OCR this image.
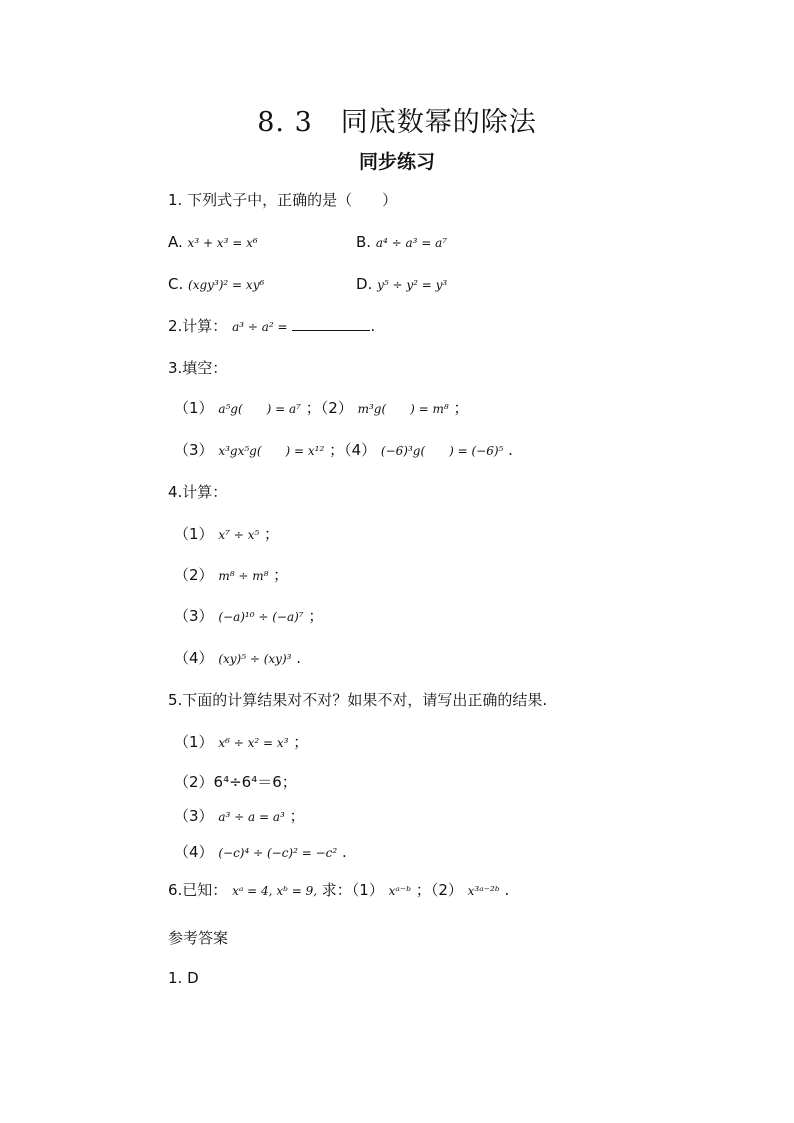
8. 3　同底数幂的除法
同步练习
1. 下列式子中，正确的是（　　）
A. x³ + x³ = x⁶	B. a⁴ ÷ a³ = a⁷
C. (xgy³)² = xy⁶	D. y⁵ ÷ y² = y³
2.计算： a³ ÷ a² =	.
3.填空：
（1） a⁵g(　　) = a⁷ ；（2） m³g(　　) = m⁸ ；
（3） x³gx⁵g(　　) = x¹² ；（4） (−6)³g(　　) = (−6)⁵ .
4.计算：
（1） x⁷ ÷ x⁵ ；
（2） m⁸ ÷ m⁸ ；
（3） (−a)¹⁰ ÷ (−a)⁷ ；
（4） (xy)⁵ ÷ (xy)³ .
5.下面的计算结果对不对？如果不对，请写出正确的结果.
（1） x⁶ ÷ x² = x³ ；
（2）6⁴÷6⁴＝6；
（3） a³ ÷ a = a³ ；
（4） (−c)⁴ ÷ (−c)² = −c² .
6.已知： xᵃ = 4, xᵇ = 9, 求：（1） xᵃ⁻ᵇ ；（2） x³ᵃ⁻²ᵇ .
参考答案
1. D
